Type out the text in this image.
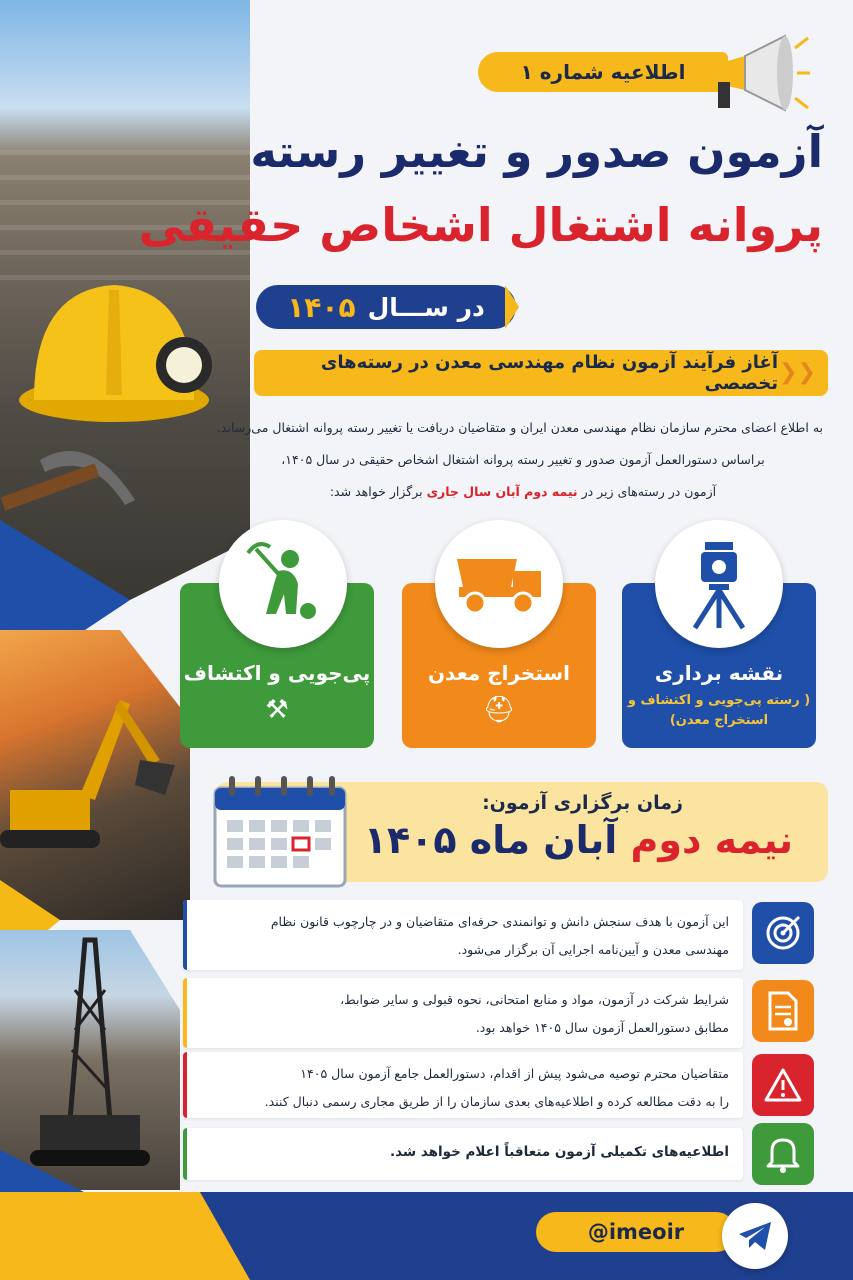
اطلاعیه شماره ۱
آزمون صدور و تغییر رسته
پروانه اشتغال اشخاص حقیقی
در ســـال
۱۴۰۵
❮❮
آغاز فرآیند آزمون نظام مهندسی معدن در رسته‌های تخصصی

به اطلاع اعضای محترم سازمان نظام مهندسی معدن ایران و متقاضیان دریافت یا تغییر رسته پروانه اشتغال می‌رساند.

براساس دستورالعمل آزمون صدور و تغییر رسته پروانه اشتغال اشخاص حقیقی در سال ۱۴۰۵،

آزمون در رسته‌های زیر در نیمه دوم آبان سال جاری برگزار خواهد شد:

پی‌جویی و اکتشاف
⚒
استخراج معدن
⛑
نقشه برداری
( رسته پی‌جویی و اکتشاف و
استخراج معدن)
زمان برگزاری آزمون:
نیمه دوم آبان ماه ۱۴۰۵

این آزمون با هدف سنجش دانش و توانمندی حرفه‌ای متقاضیان و در چارچوب قانون نظام

مهندسی معدن و آیین‌نامه اجرایی آن برگزار می‌شود.

شرایط شرکت در آزمون، مواد و منابع امتحانی، نحوه قبولی و سایر ضوابط،

مطابق دستورالعمل آزمون سال ۱۴۰۵ خواهد بود.

متقاضیان محترم توصیه می‌شود پیش از اقدام، دستورالعمل جامع آزمون سال ۱۴۰۵

را به دقت مطالعه کرده و اطلاعیه‌های بعدی سازمان را از طریق مجاری رسمی دنبال کنند.

اطلاعیه‌های تکمیلی آزمون متعاقباً اعلام خواهد شد.

@imeoir
